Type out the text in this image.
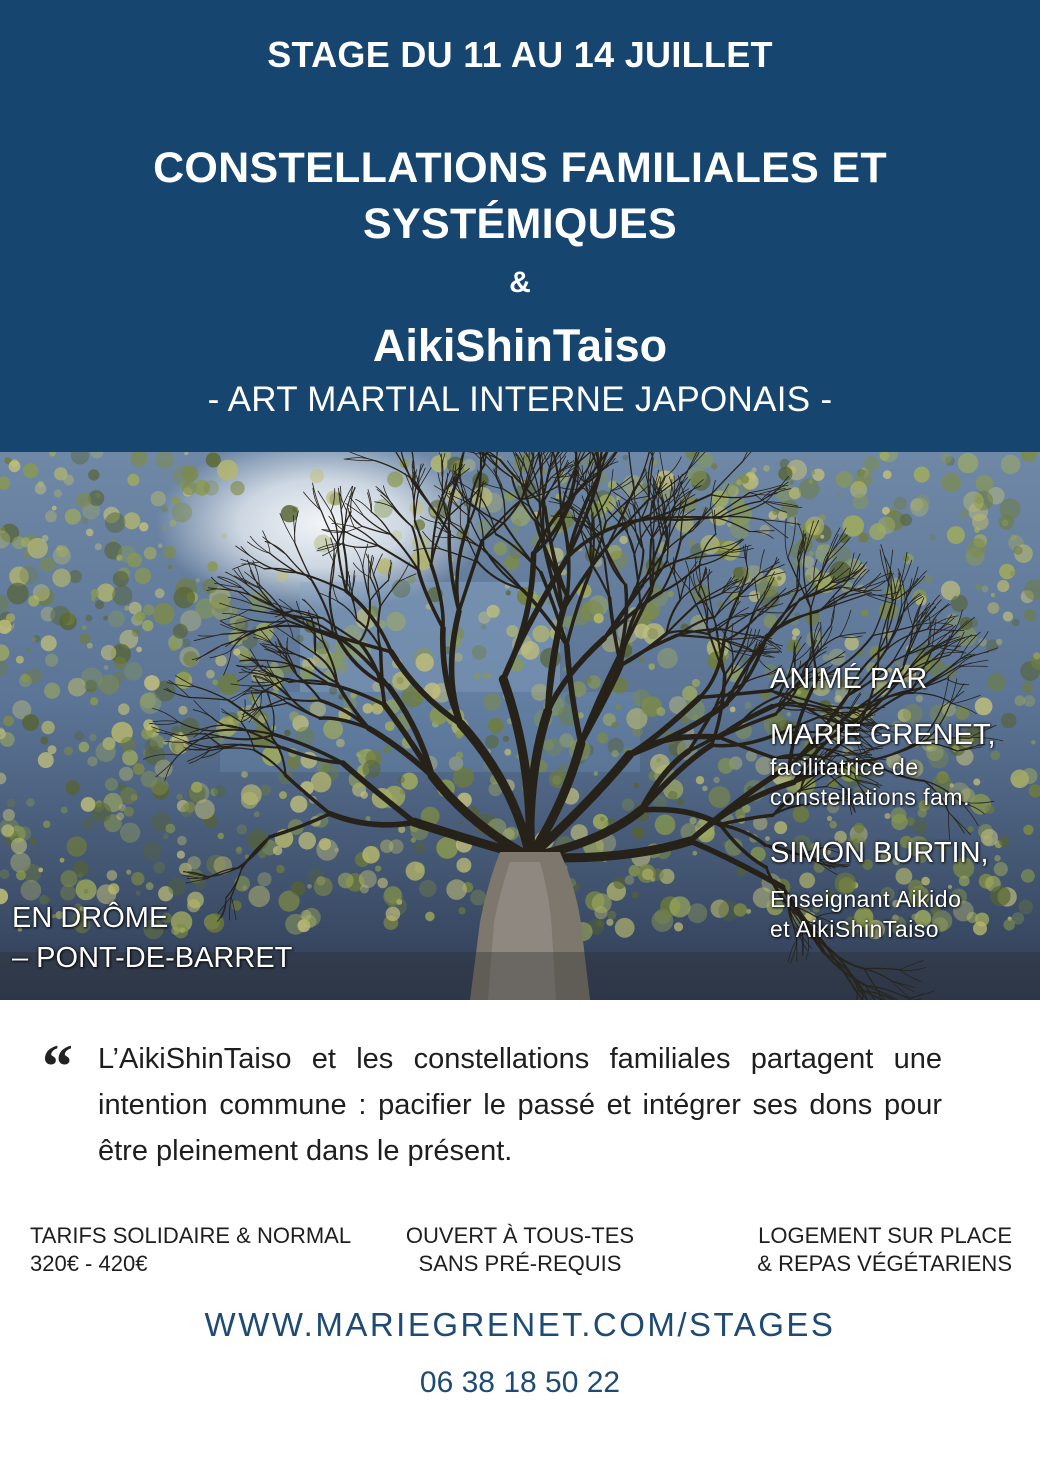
STAGE DU 11 AU 14 JUILLET
CONSTELLATIONS FAMILIALES ET SYSTÉMIQUES
&
AikiShinTaiso
- ART MARTIAL INTERNE JAPONAIS -
EN DRÔME
– PONT-DE-BARRET
ANIMÉ PAR
MARIE GRENET,
facilitatrice de
constellations fam.
SIMON BURTIN,
Enseignant Aikido
et AikiShinTaiso
“ L’AikiShinTaiso et les constellations familiales partagent une intention commune : pacifier le passé et intégrer ses dons pour être pleinement dans le présent.
TARIFS SOLIDAIRE & NORMAL
320€ - 420€
OUVERT À TOUS-TES
SANS PRÉ-REQUIS
LOGEMENT SUR PLACE
& REPAS VÉGÉTARIENS
WWW.MARIEGRENET.COM/STAGES
06 38 18 50 22
